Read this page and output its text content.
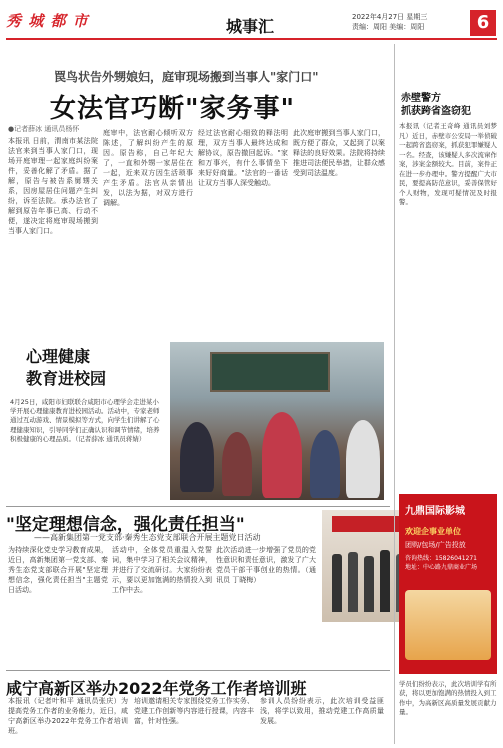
秀 城 都 市	城事汇	2022年4月27日 星期三
责编：周阳 美编：周阳	6
罠鸟状告外甥娘妇，庭审现场搬到当事人"家门口"
女法官巧断"家务事"
●记者薛冰 通讯员杨怀
本报讯 日前，渭南市某法院法官来到当事人家门口，现场开庭审理一起家庭纠纷案件，妥善化解了矛盾。据了解，原告与被告系舅甥关系，因房屋居住问题产生纠纷，诉至法院。承办法官了解到原告年事已高、行动不便，遂决定将庭审现场搬到当事人家门口。
庭审中，法官耐心倾听双方陈述，了解纠纷产生的原因。原告称，自己年纪大了，一直和外甥一家居住在一起，近来双方因生活琐事产生矛盾。法官从亲情出发，以法为据，对双方进行调解。
经过法官耐心细致的释法明理，双方当事人最终达成和解协议，原告撤回起诉。"家和万事兴，有什么事情坐下来好好商量。"法官的一番话让双方当事人深受触动。
此次庭审搬到当事人家门口，既方便了群众，又起到了以案释法的良好效果。法院将持续推进司法便民举措，让群众感受到司法温度。
心理健康
教育进校园
4月25日，咸阳市妇联联合咸阳市心理学会走进某小学开展心理健康教育进校园活动。活动中，专家老师通过互动游戏、情景模拟等方式，向学生们讲解了心理健康知识，引导同学们正确认识和调节情绪，培养积极健康的心理品质。（记者薛冰 通讯员蒋婧）
"坚定理想信念，强化责任担当"
——高新集团第一党支部·秦秀生态党支部联合开展主题党日活动
为持续深化党史学习教育成果，近日，高新集团第一党支部、秦秀生态党支部联合开展"坚定理想信念，强化责任担当"主题党日活动。
活动中，全体党员重温入党誓词，集中学习了相关会议精神，并进行了交流研讨。大家纷纷表示，要以更加饱满的热情投入到工作中去。
此次活动进一步增强了党员的党性意识和责任意识，激发了广大党员干部干事创业的热情。（通讯员 丁晓梅）
咸宁高新区举办2022年党务工作者培训班
本报讯（记者叶和平 通讯员张庆）为提高党务工作者的业务能力，近日，咸宁高新区举办2022年党务工作者培训班。
培训邀请相关专家围绕党务工作实务、党建工作创新等内容进行授课，内容丰富，针对性强。
参训人员纷纷表示，此次培训受益匪浅，将学以致用，推动党建工作高质量发展。
赤壁警方
抓获跨省盗窃犯
本报讯（记者王奇峰 通讯员刘梦凡）近日，赤壁市公安局一举侦破一起跨省盗窃案，抓获犯罪嫌疑人一名。经查，该嫌疑人多次流窜作案，涉案金额较大。目前，案件正在进一步办理中。警方提醒广大市民，要提高防范意识，妥善保管好个人财物，发现可疑情况及时报警。
九鼎国际影城
欢迎企事业单位
团购/包场/广告投放
咨询热线：15826041271
地址：中心路九鼎商业广场
学员们纷纷表示，此次培训学有所获，将以更加饱满的热情投入到工作中，为高新区高质量发展贡献力量。
